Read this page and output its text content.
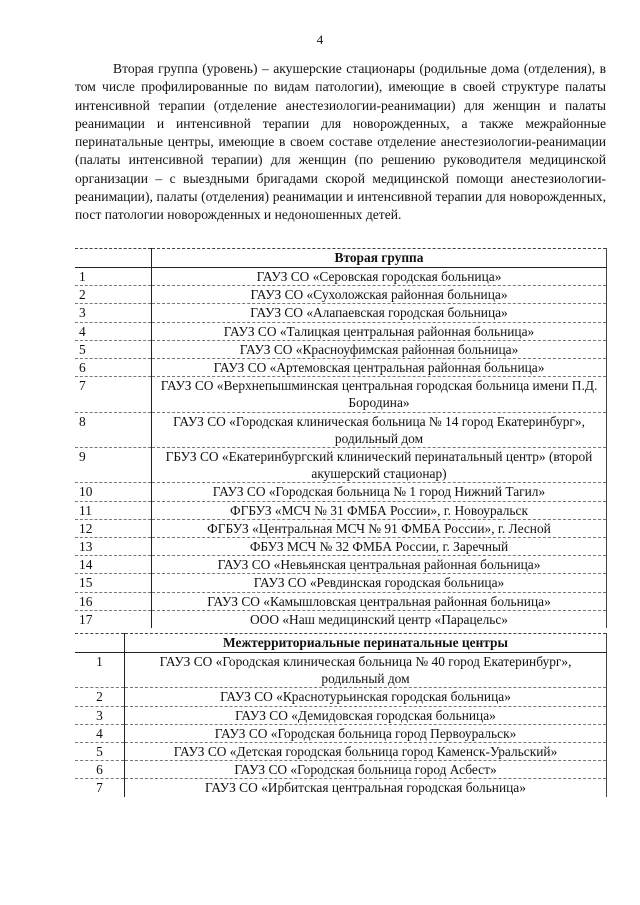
4

Вторая группа (уровень) – акушерские стационары (родильные дома (отделения), в том числе профилированные по видам патологии), имеющие в своей структуре палаты интенсивной терапии (отделение анестезиологии-реанимации) для женщин и палаты реанимации и интенсивной терапии для новорожденных, а также межрайонные перинатальные центры, имеющие в своем составе отделение анестезиологии-реанимации (палаты интенсивной терапии) для женщин (по решению руководителя медицинской организации – с выездными бригадами скорой медицинской помощи анестезиологии-реанимации), палаты (отделения) реанимации и интенсивной терапии для новорожденных, пост патологии новорожденных и недоношенных детей.

	Вторая группа
1	ГАУЗ СО «Серовская городская больница»
2	ГАУЗ СО «Сухоложская районная больница»
3	ГАУЗ СО «Алапаевская городская больница»
4	ГАУЗ СО «Талицкая центральная районная больница»
5	ГАУЗ СО «Красноуфимская районная больница»
6	ГАУЗ СО «Артемовская центральная районная больница»
7	ГАУЗ СО «Верхнепышминская центральная городская больница имени П.Д. Бородина»
8	ГАУЗ СО «Городская клиническая больница № 14 город Екатеринбург», родильный дом
9	ГБУЗ СО «Екатеринбургский клинический перинатальный центр» (второй акушерский стационар)
10	ГАУЗ СО «Городская больница № 1 город Нижний Тагил»
11	ФГБУЗ «МСЧ № 31 ФМБА России», г. Новоуральск
12	ФГБУЗ «Центральная МСЧ № 91 ФМБА России», г. Лесной
13	ФБУЗ МСЧ № 32 ФМБА России, г. Заречный
14	ГАУЗ СО «Невьянская центральная районная больница»
15	ГАУЗ СО «Ревдинская городская больница»
16	ГАУЗ СО «Камышловская центральная районная больница»
17	ООО «Наш медицинский центр «Парацельс»
	Межтерриториальные перинатальные центры
1	ГАУЗ СО «Городская клиническая больница № 40 город Екатеринбург», родильный дом
2	ГАУЗ СО «Краснотурьинская городская больница»
3	ГАУЗ СО «Демидовская городская больница»
4	ГАУЗ СО «Городская больница город Первоуральск»
5	ГАУЗ СО «Детская городская больница город Каменск-Уральский»
6	ГАУЗ СО «Городская больница город Асбест»
7	ГАУЗ СО «Ирбитская центральная городская больница»
